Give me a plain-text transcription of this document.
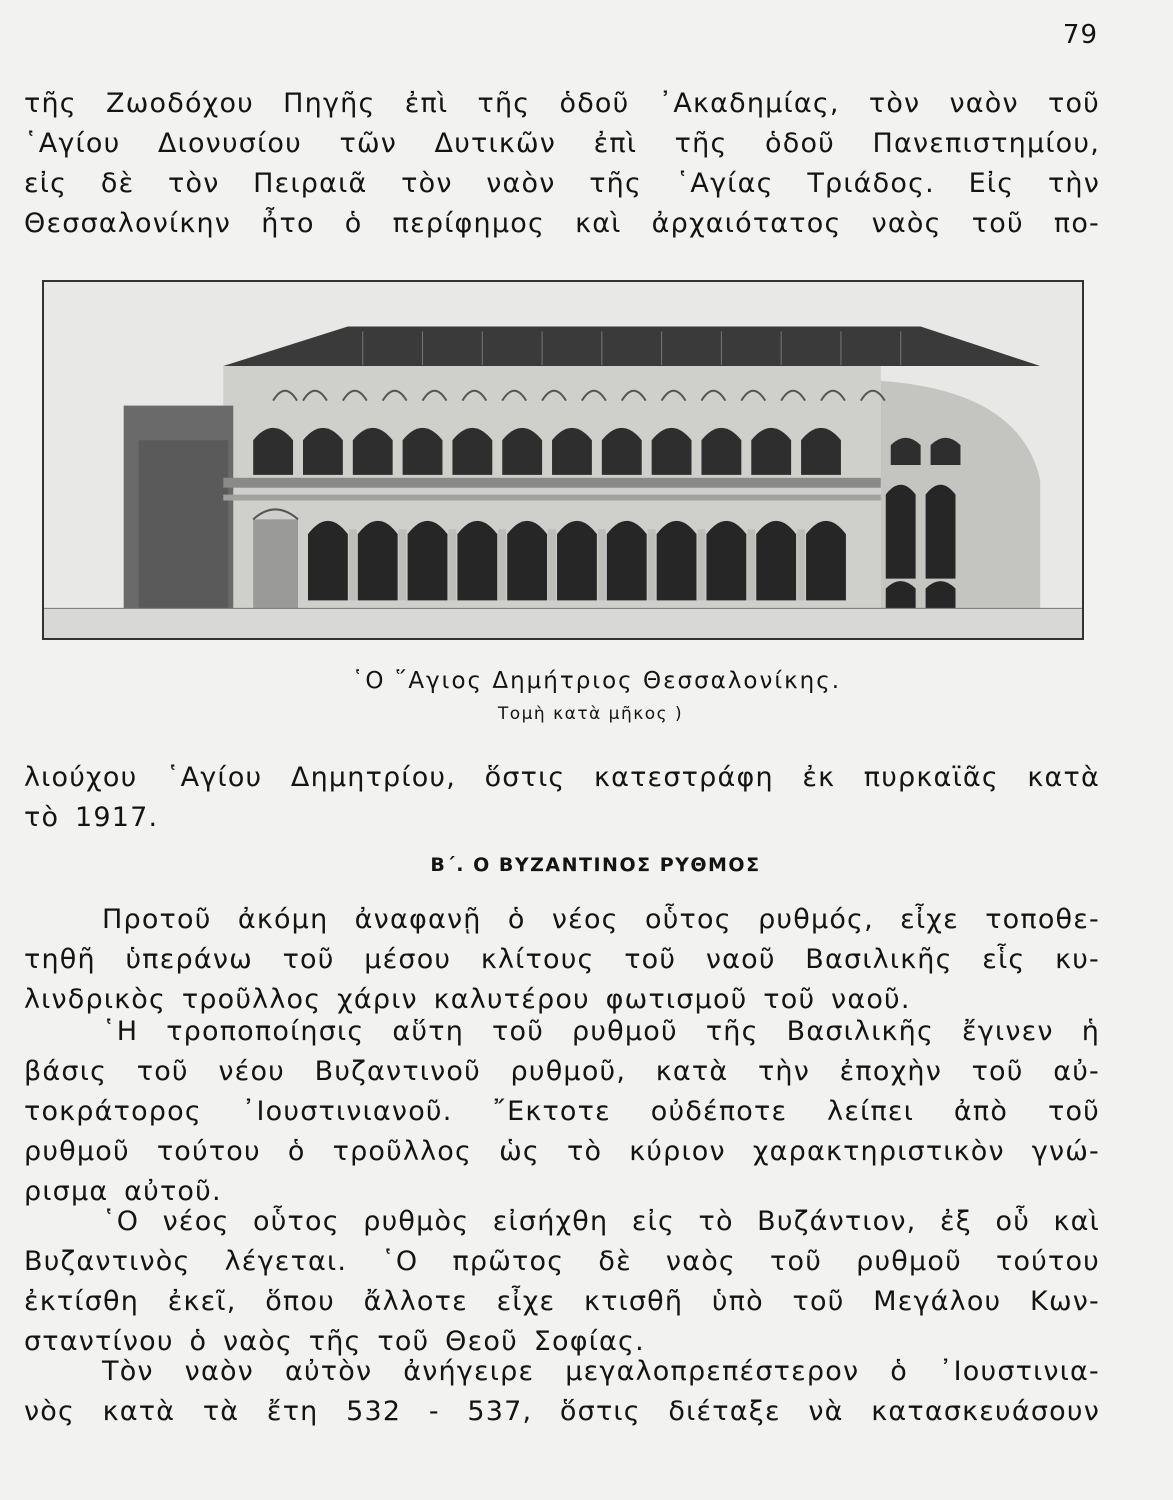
79

τῆς Ζωοδόχου Πηγῆς ἐπὶ τῆς ὁδοῦ ᾿Ακαδημίας, τὸν ναὸν τοῦ
῾Αγίου Διονυσίου τῶν Δυτικῶν ἐπὶ τῆς ὁδοῦ Πανεπιστημίου,
εἰς δὲ τὸν Πειραιᾶ τὸν ναὸν τῆς ῾Αγίας Τριάδος. Εἰς τὴν
Θεσσαλονίκην ἦτο ὁ περίφημος καὶ ἀρχαιότατος ναὸς τοῦ πο-

῾Ο ῞Αγιος Δημήτριος Θεσσαλονίκης.
Τομὴ κατὰ μῆκος )

λιούχου ῾Αγίου Δημητρίου, ὅστις κατεστράφη ἐκ πυρκαϊᾶς κατὰ
τὸ 1917.

Β΄. Ο ΒΥΖΑΝΤΙΝΟΣ ΡΥΘΜΟΣ

Προτοῦ ἀκόμη ἀναφανῇ ὁ νέος οὗτος ρυθμός, εἶχε τοποθε-
τηθῆ ὑπεράνω τοῦ μέσου κλίτους τοῦ ναοῦ Βασιλικῆς εἷς κυ-
λινδρικὸς τροῦλλος χάριν καλυτέρου φωτισμοῦ τοῦ ναοῦ.

῾Η τροποποίησις αὕτη τοῦ ρυθμοῦ τῆς Βασιλικῆς ἔγινεν ἡ
βάσις τοῦ νέου Βυζαντινοῦ ρυθμοῦ, κατὰ τὴν ἐποχὴν τοῦ αὐ-
τοκράτορος ᾿Ιουστινιανοῦ. ῎Εκτοτε οὐδέποτε λείπει ἀπὸ τοῦ
ρυθμοῦ τούτου ὁ τροῦλλος ὡς τὸ κύριον χαρακτηριστικὸν γνώ-
ρισμα αὐτοῦ.

῾Ο νέος οὗτος ρυθμὸς εἰσήχθη εἰς τὸ Βυζάντιον, ἐξ οὗ καὶ
Βυζαντινὸς λέγεται. ῾Ο πρῶτος δὲ ναὸς τοῦ ρυθμοῦ τούτου
ἐκτίσθη ἐκεῖ, ὅπου ἄλλοτε εἶχε κτισθῆ ὑπὸ τοῦ Μεγάλου Κων-
σταντίνου ὁ ναὸς τῆς τοῦ Θεοῦ Σοφίας.

Τὸν ναὸν αὐτὸν ἀνήγειρε μεγαλοπρεπέστερον ὁ ᾿Ιουστινια-
νὸς κατὰ τὰ ἔτη 532 - 537, ὅστις διέταξε νὰ κατασκευάσουν
